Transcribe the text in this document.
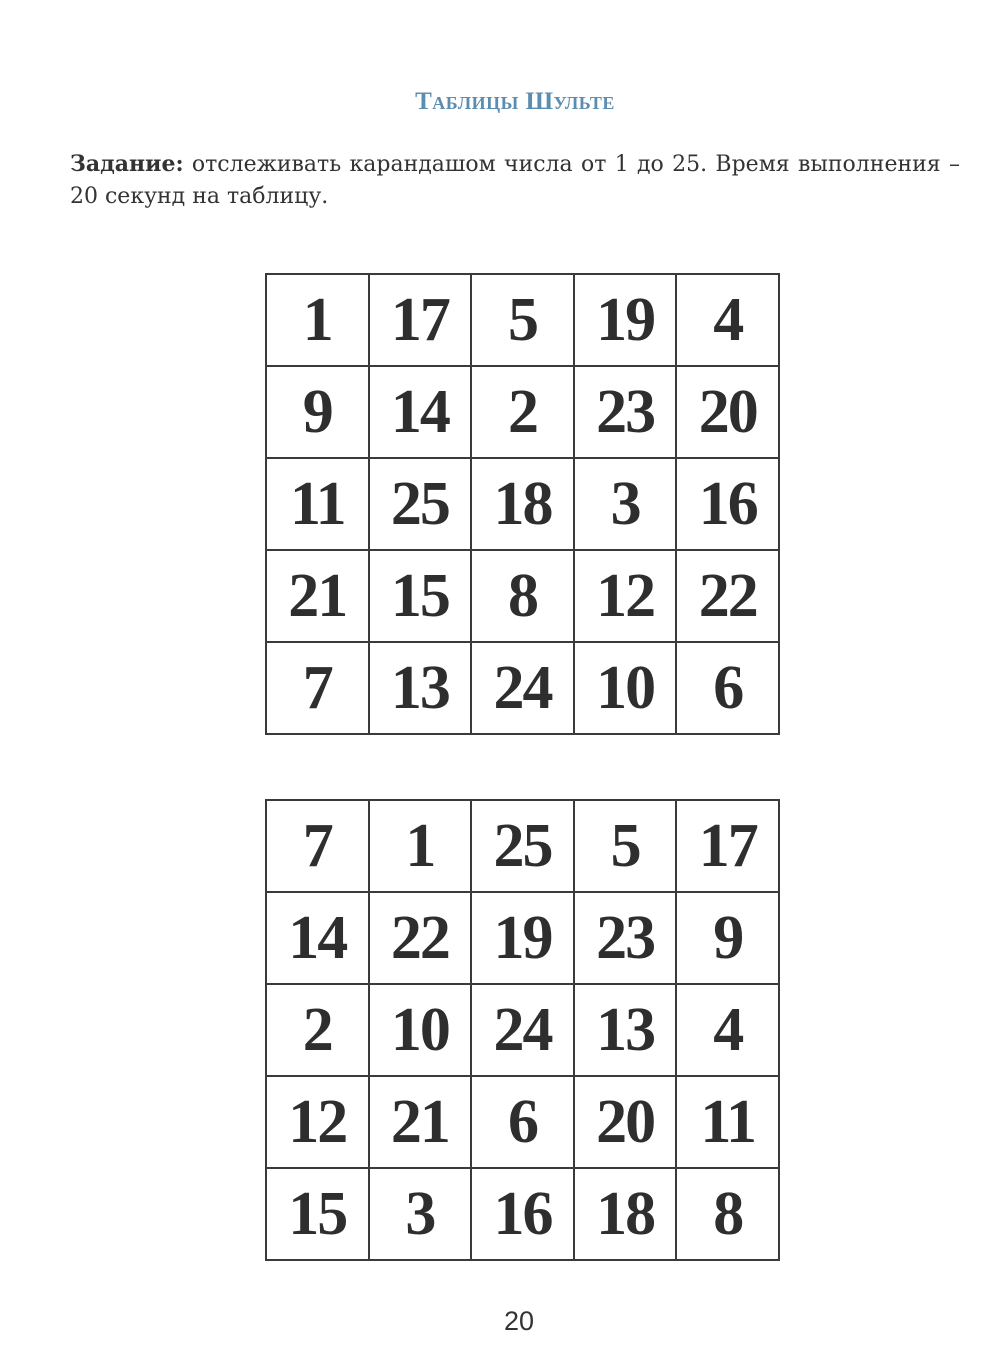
Таблицы Шульте
Задание: отслеживать карандашом числа от 1 до 25. Время выполнения – 20 секунд на таблицу.
1	17	5	19	4
9	14	2	23	20
11	25	18	3	16
21	15	8	12	22
7	13	24	10	6
7	1	25	5	17
14	22	19	23	9
2	10	24	13	4
12	21	6	20	11
15	3	16	18	8
20
